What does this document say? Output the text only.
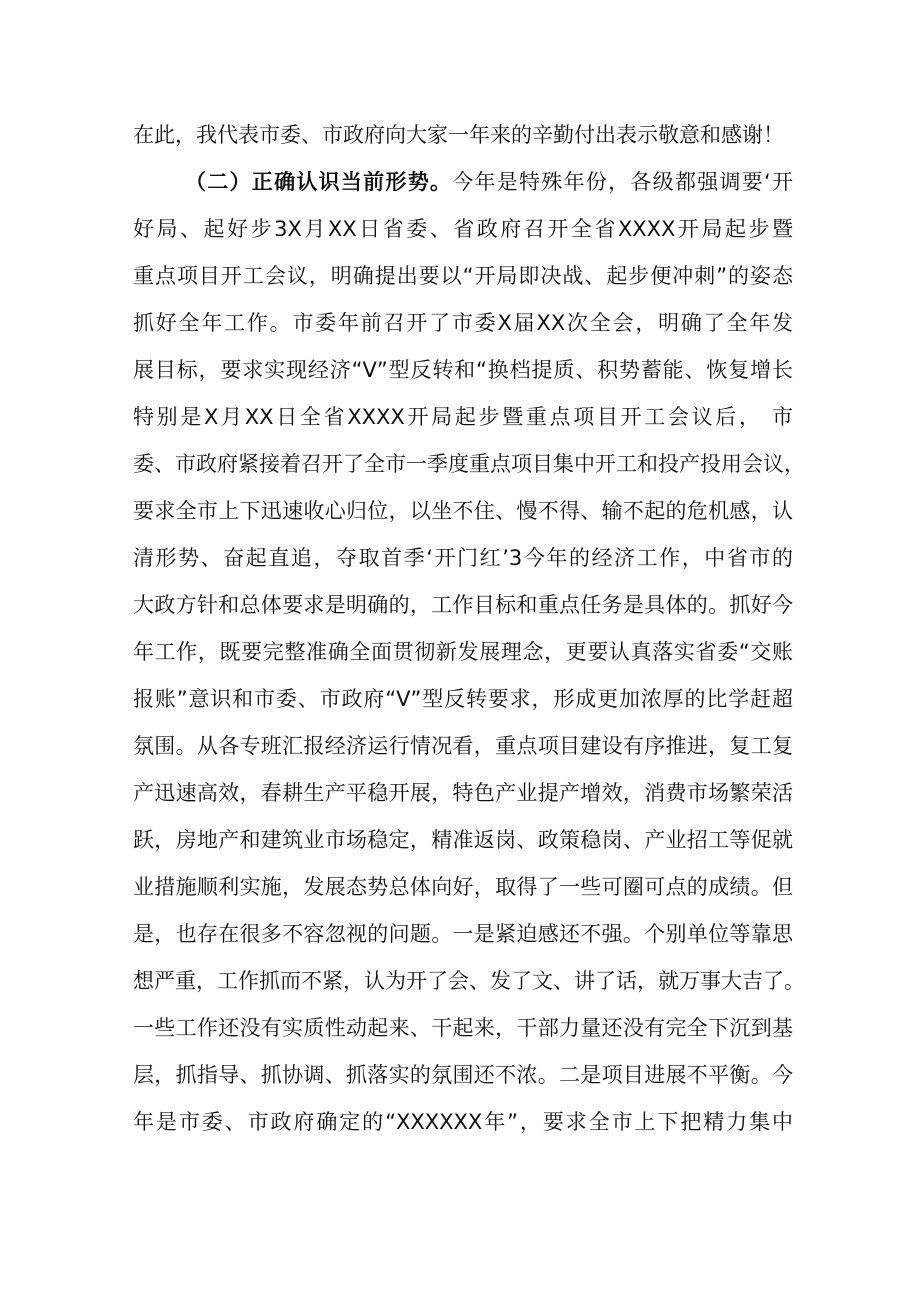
在此，我代表市委、市政府向大家一年来的辛勤付出表示敬意和感谢！
（二）正确认识当前形势。今年是特殊年份，各级都强调要‘开
好局、起好步3X月XX日省委、省政府召开全省XXXX开局起步暨
重点项目开工会议，明确提出要以“开局即决战、起步便冲刺”的姿态
抓好全年工作。市委年前召开了市委X届XX次全会，明确了全年发
展目标，要求实现经济“V”型反转和“换档提质、积势蓄能、恢复增长
特别是X月XX日全省XXXX开局起步暨重点项目开工会议后， 市
委、市政府紧接着召开了全市一季度重点项目集中开工和投产投用会议，
要求全市上下迅速收心归位，以坐不住、慢不得、输不起的危机感，认
清形势、奋起直追，夺取首季‘开门红’3今年的经济工作，中省市的
大政方针和总体要求是明确的，工作目标和重点任务是具体的。抓好今
年工作，既要完整准确全面贯彻新发展理念，更要认真落实省委“交账
报账”意识和市委、市政府“V”型反转要求，形成更加浓厚的比学赶超
氛围。从各专班汇报经济运行情况看，重点项目建设有序推进，复工复
产迅速高效，春耕生产平稳开展，特色产业提产增效，消费市场繁荣活
跃，房地产和建筑业市场稳定，精准返岗、政策稳岗、产业招工等促就
业措施顺利实施，发展态势总体向好，取得了一些可圈可点的成绩。但
是，也存在很多不容忽视的问题。一是紧迫感还不强。个别单位等靠思
想严重，工作抓而不紧，认为开了会、发了文、讲了话，就万事大吉了。
一些工作还没有实质性动起来、干起来，干部力量还没有完全下沉到基
层，抓指导、抓协调、抓落实的氛围还不浓。二是项目进展不平衡。今
年是市委、市政府确定的“XXXXXX年”，要求全市上下把精力集中
